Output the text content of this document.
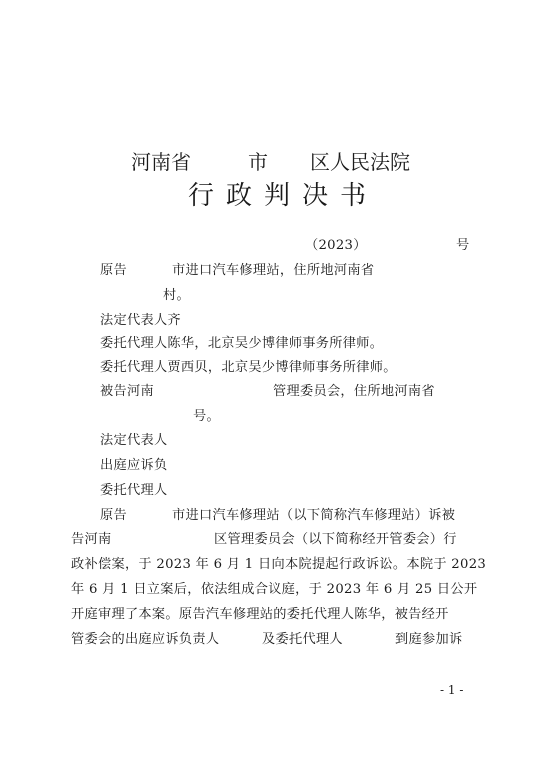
河南省	市 区人民法院
行政判决书
（2023）	号
原告	市进口汽车修理站，住所地河南省
村。
法定代表人齐
委托代理人陈华，北京吴少博律师事务所律师。
委托代理人贾西贝，北京吴少博律师事务所律师。
被告河南	管理委员会，住所地河南省
号。
法定代表人
出庭应诉负
委托代理人
原告	市进口汽车修理站（以下简称汽车修理站）诉被
告河南	区管理委员会（以下简称经开管委会）行
政补偿案，于 2023 年 6 月 1 日向本院提起行政诉讼。本院于 2023
年 6 月 1 日立案后，依法组成合议庭，于 2023 年 6 月 25 日公开
开庭审理了本案。原告汽车修理站的委托代理人陈华，被告经开
管委会的出庭应诉负责人	及委托代理人	到庭参加诉
- 1 -
